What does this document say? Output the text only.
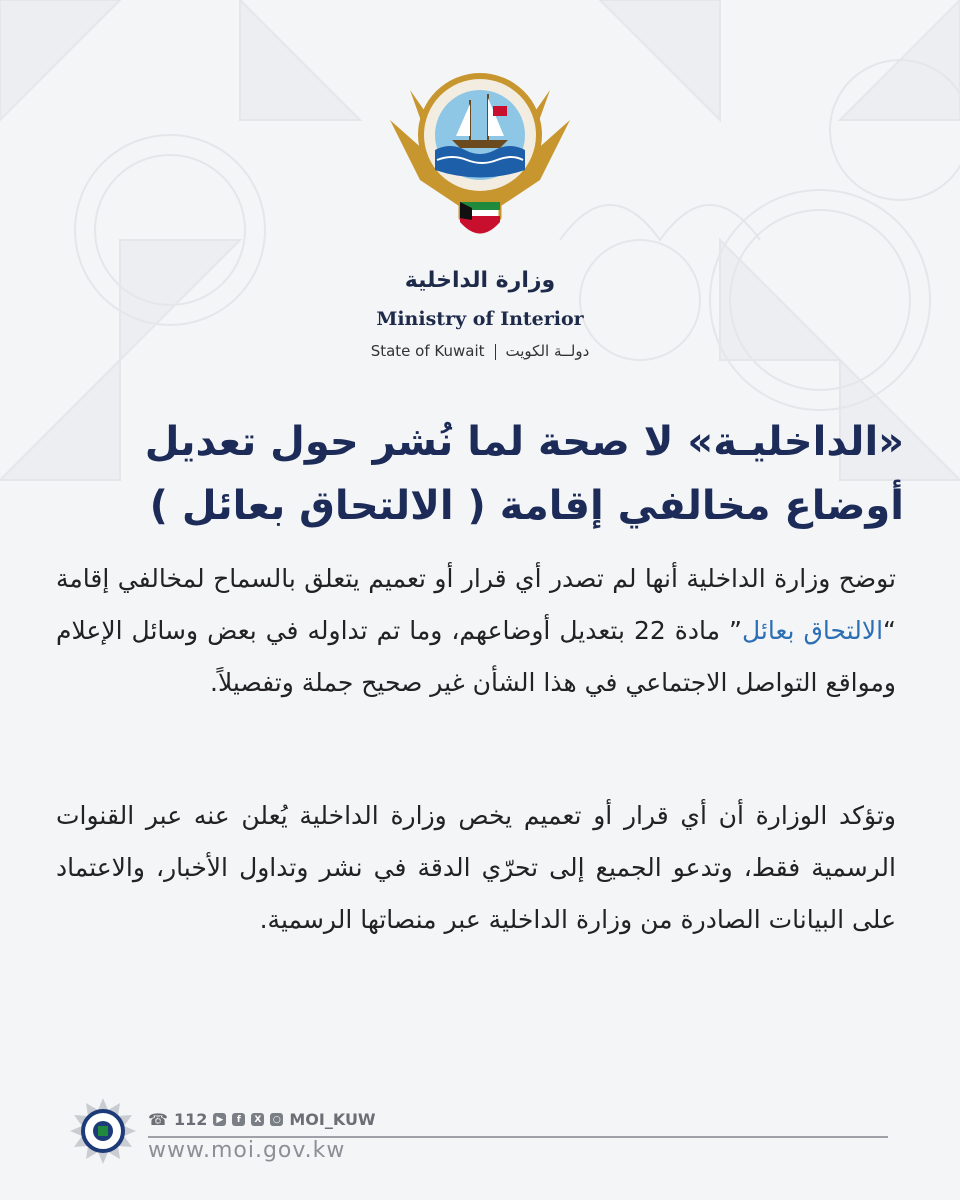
وزارة الداخلية
Ministry of Interior
State of Kuwait دولــة الكويت
«الداخليـة» لا صحة لما نُشر حول تعديل
أوضاع مخالفي إقامة ( الالتحاق بعائل )
توضح وزارة الداخلية أنها لم تصدر أي قرار أو تعميم يتعلق بالسماح لمخالفي إقامة “الالتحاق بعائل” مادة 22 بتعديل أوضاعهم، وما تم تداوله في بعض وسائل الإعلام ومواقع التواصل الاجتماعي في هذا الشأن غير صحيح جملة وتفصيلاً.
وتؤكد الوزارة أن أي قرار أو تعميم يخص وزارة الداخلية يُعلن عنه عبر القنوات الرسمية فقط، وتدعو الجميع إلى تحرّي الدقة في نشر وتداول الأخبار، والاعتماد على البيانات الصادرة من وزارة الداخلية عبر منصاتها الرسمية.
☎ 112	▶	f	X	○ MOI_KUW
www.moi.gov.kw
